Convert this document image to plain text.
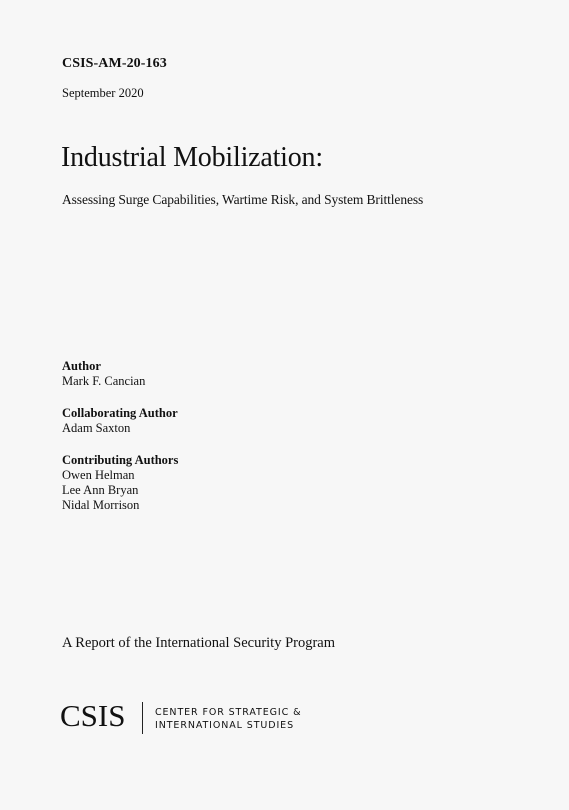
CSIS-AM-20-163
September 2020
Industrial Mobilization:
Assessing Surge Capabilities, Wartime Risk, and System Brittleness
Author
Mark F. Cancian
Collaborating Author
Adam Saxton
Contributing Authors
Owen Helman
Lee Ann Bryan
Nidal Morrison
A Report of the International Security Program
CSIS	CENTER FOR STRATEGIC &
INTERNATIONAL STUDIES
